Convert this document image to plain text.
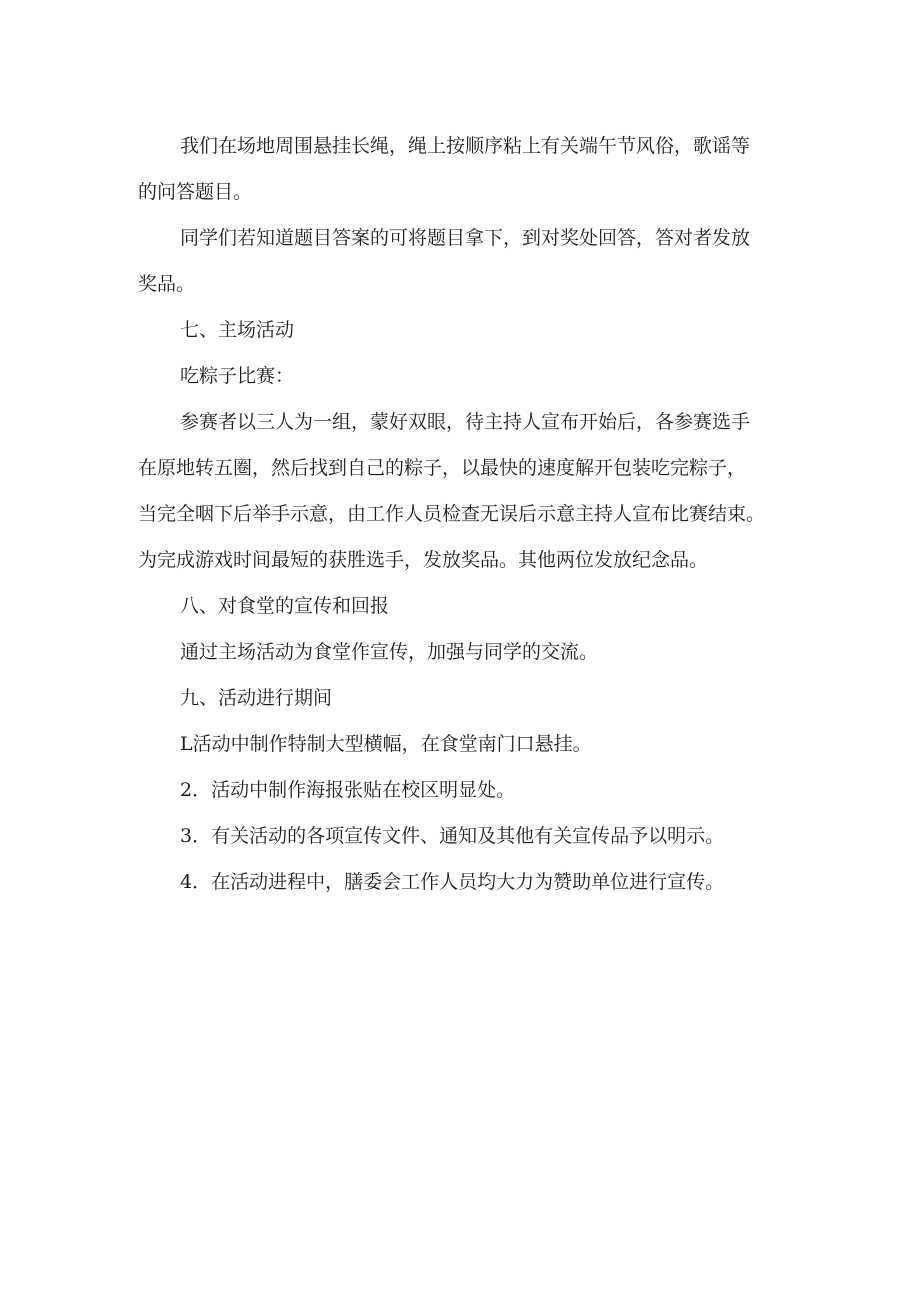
我们在场地周围悬挂长绳，绳上按顺序粘上有关端午节风俗，歌谣等

的问答题目。

同学们若知道题目答案的可将题目拿下，到对奖处回答，答对者发放

奖品。

七、主场活动

吃粽子比赛：

参赛者以三人为一组，蒙好双眼，待主持人宣布开始后，各参赛选手

在原地转五圈，然后找到自己的粽子，以最快的速度解开包装吃完粽子，

当完全咽下后举手示意，由工作人员检查无误后示意主持人宣布比赛结束。

为完成游戏时间最短的获胜选手，发放奖品。其他两位发放纪念品。

八、对食堂的宣传和回报

通过主场活动为食堂作宣传，加强与同学的交流。

九、活动进行期间

L活动中制作特制大型横幅，在食堂南门口悬挂。

2．活动中制作海报张贴在校区明显处。

3．有关活动的各项宣传文件、通知及其他有关宣传品予以明示。

4．在活动进程中，膳委会工作人员均大力为赞助单位进行宣传。
